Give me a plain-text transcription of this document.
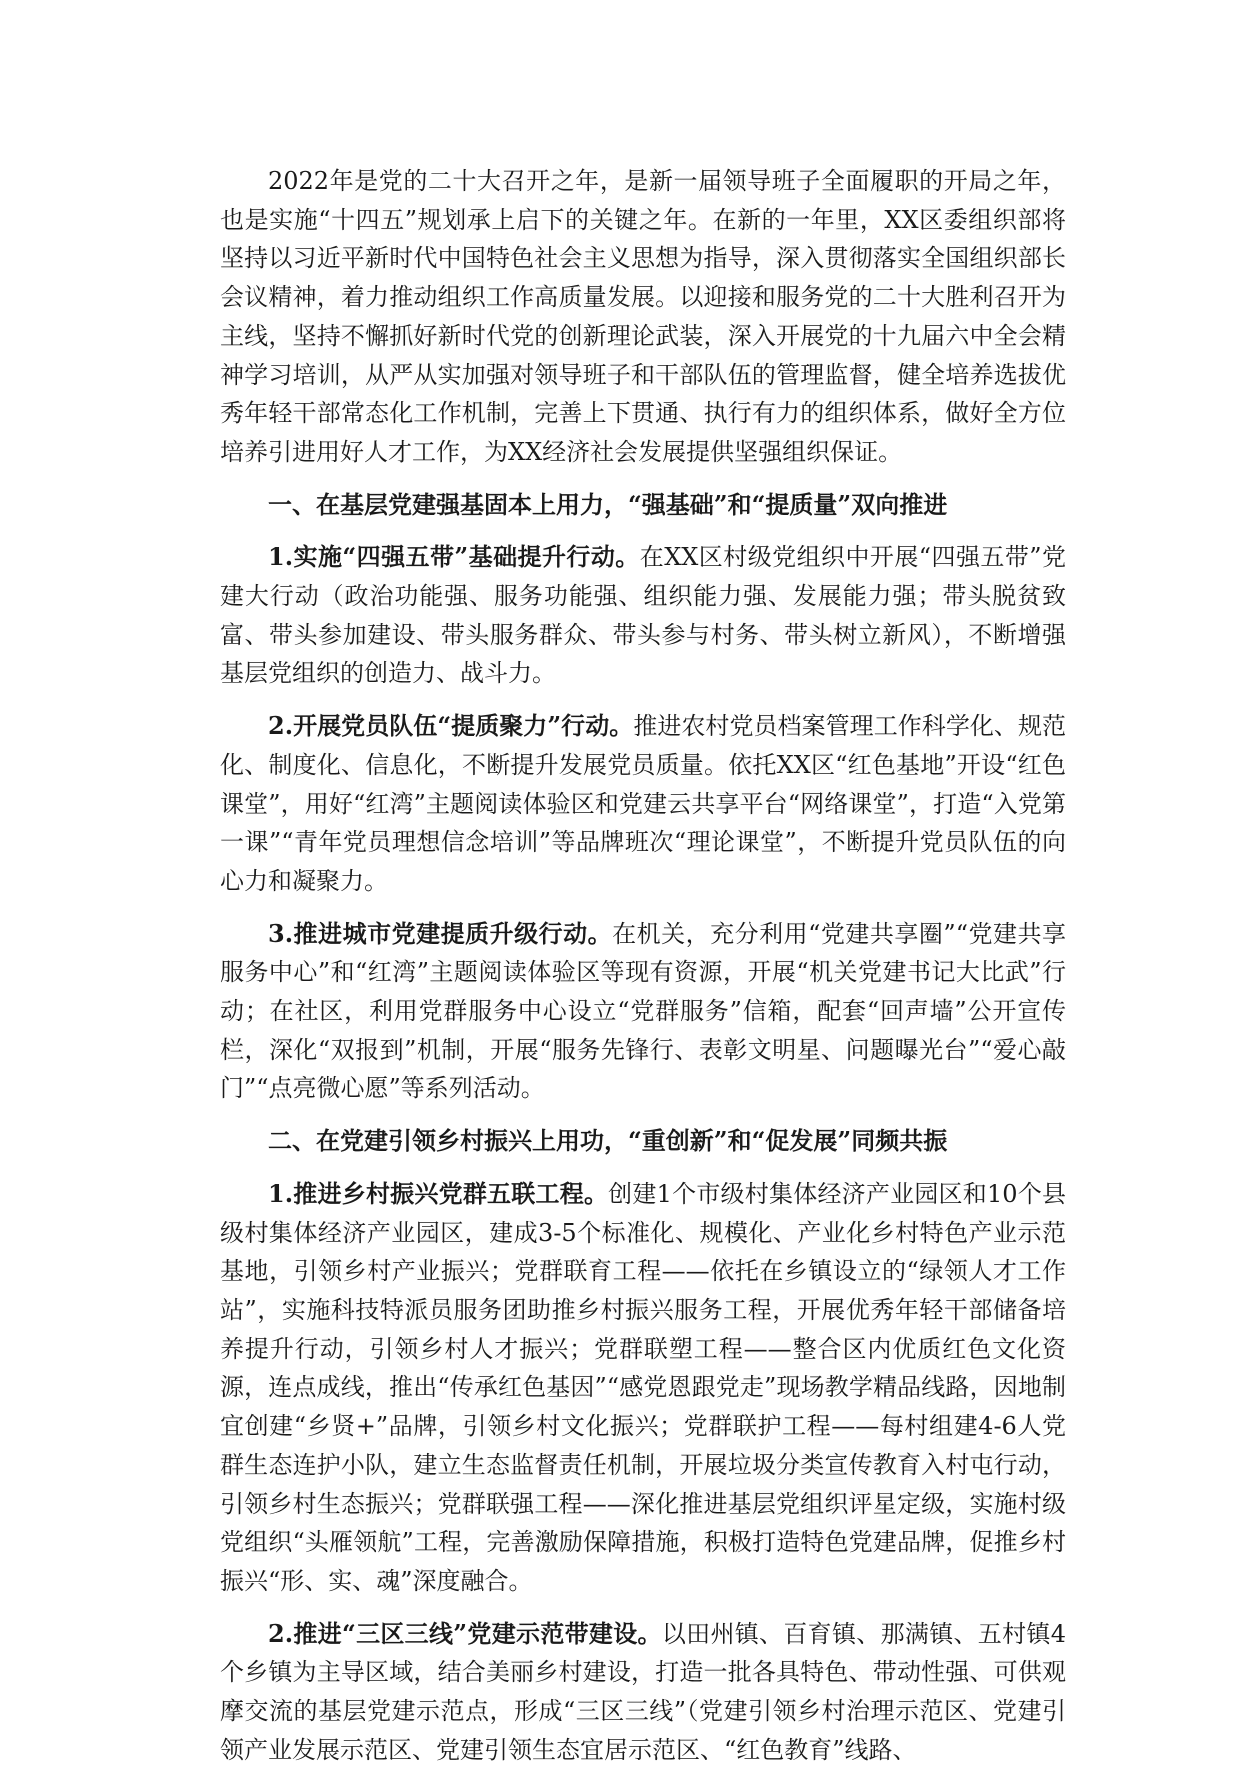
2022年是党的二十大召开之年，是新一届领导班子全面履职的开局之年，也是实施“十四五”规划承上启下的关键之年。在新的一年里，XX区委组织部将坚持以习近平新时代中国特色社会主义思想为指导，深入贯彻落实全国组织部长会议精神，着力推动组织工作高质量发展。以迎接和服务党的二十大胜利召开为主线，坚持不懈抓好新时代党的创新理论武装，深入开展党的十九届六中全会精神学习培训，从严从实加强对领导班子和干部队伍的管理监督，健全培养选拔优秀年轻干部常态化工作机制，完善上下贯通、执行有力的组织体系，做好全方位培养引进用好人才工作，为XX经济社会发展提供坚强组织保证。

一、在基层党建强基固本上用力，“强基础”和“提质量”双向推进

1.实施“四强五带”基础提升行动。在XX区村级党组织中开展“四强五带”党建大行动（政治功能强、服务功能强、组织能力强、发展能力强；带头脱贫致富、带头参加建设、带头服务群众、带头参与村务、带头树立新风），不断增强基层党组织的创造力、战斗力。

2.开展党员队伍“提质聚力”行动。推进农村党员档案管理工作科学化、规范化、制度化、信息化，不断提升发展党员质量。依托XX区“红色基地”开设“红色课堂”，用好“红湾”主题阅读体验区和党建云共享平台“网络课堂”，打造“入党第一课”“青年党员理想信念培训”等品牌班次“理论课堂”，不断提升党员队伍的向心力和凝聚力。

3.推进城市党建提质升级行动。在机关，充分利用“党建共享圈”“党建共享服务中心”和“红湾”主题阅读体验区等现有资源，开展“机关党建书记大比武”行动；在社区，利用党群服务中心设立“党群服务”信箱，配套“回声墙”公开宣传栏，深化“双报到”机制，开展“服务先锋行、表彰文明星、问题曝光台”“爱心敲门”“点亮微心愿”等系列活动。

二、在党建引领乡村振兴上用功，“重创新”和“促发展”同频共振

1.推进乡村振兴党群五联工程。创建1个市级村集体经济产业园区和10个县级村集体经济产业园区，建成3-5个标准化、规模化、产业化乡村特色产业示范基地，引领乡村产业振兴；党群联育工程——依托在乡镇设立的“绿领人才工作站”，实施科技特派员服务团助推乡村振兴服务工程，开展优秀年轻干部储备培养提升行动，引领乡村人才振兴；党群联塑工程——整合区内优质红色文化资源，连点成线，推出“传承红色基因”“感党恩跟党走”现场教学精品线路，因地制宜创建“乡贤+”品牌，引领乡村文化振兴；党群联护工程——每村组建4-6人党群生态连护小队，建立生态监督责任机制，开展垃圾分类宣传教育入村屯行动，引领乡村生态振兴；党群联强工程——深化推进基层党组织评星定级，实施村级党组织“头雁领航”工程，完善激励保障措施，积极打造特色党建品牌，促推乡村振兴“形、实、魂”深度融合。

2.推进“三区三线”党建示范带建设。以田州镇、百育镇、那满镇、五村镇4个乡镇为主导区域，结合美丽乡村建设，打造一批各具特色、带动性强、可供观摩交流的基层党建示范点，形成“三区三线”（党建引领乡村治理示范区、党建引领产业发展示范区、党建引领生态宜居示范区、“红色教育”线路、
